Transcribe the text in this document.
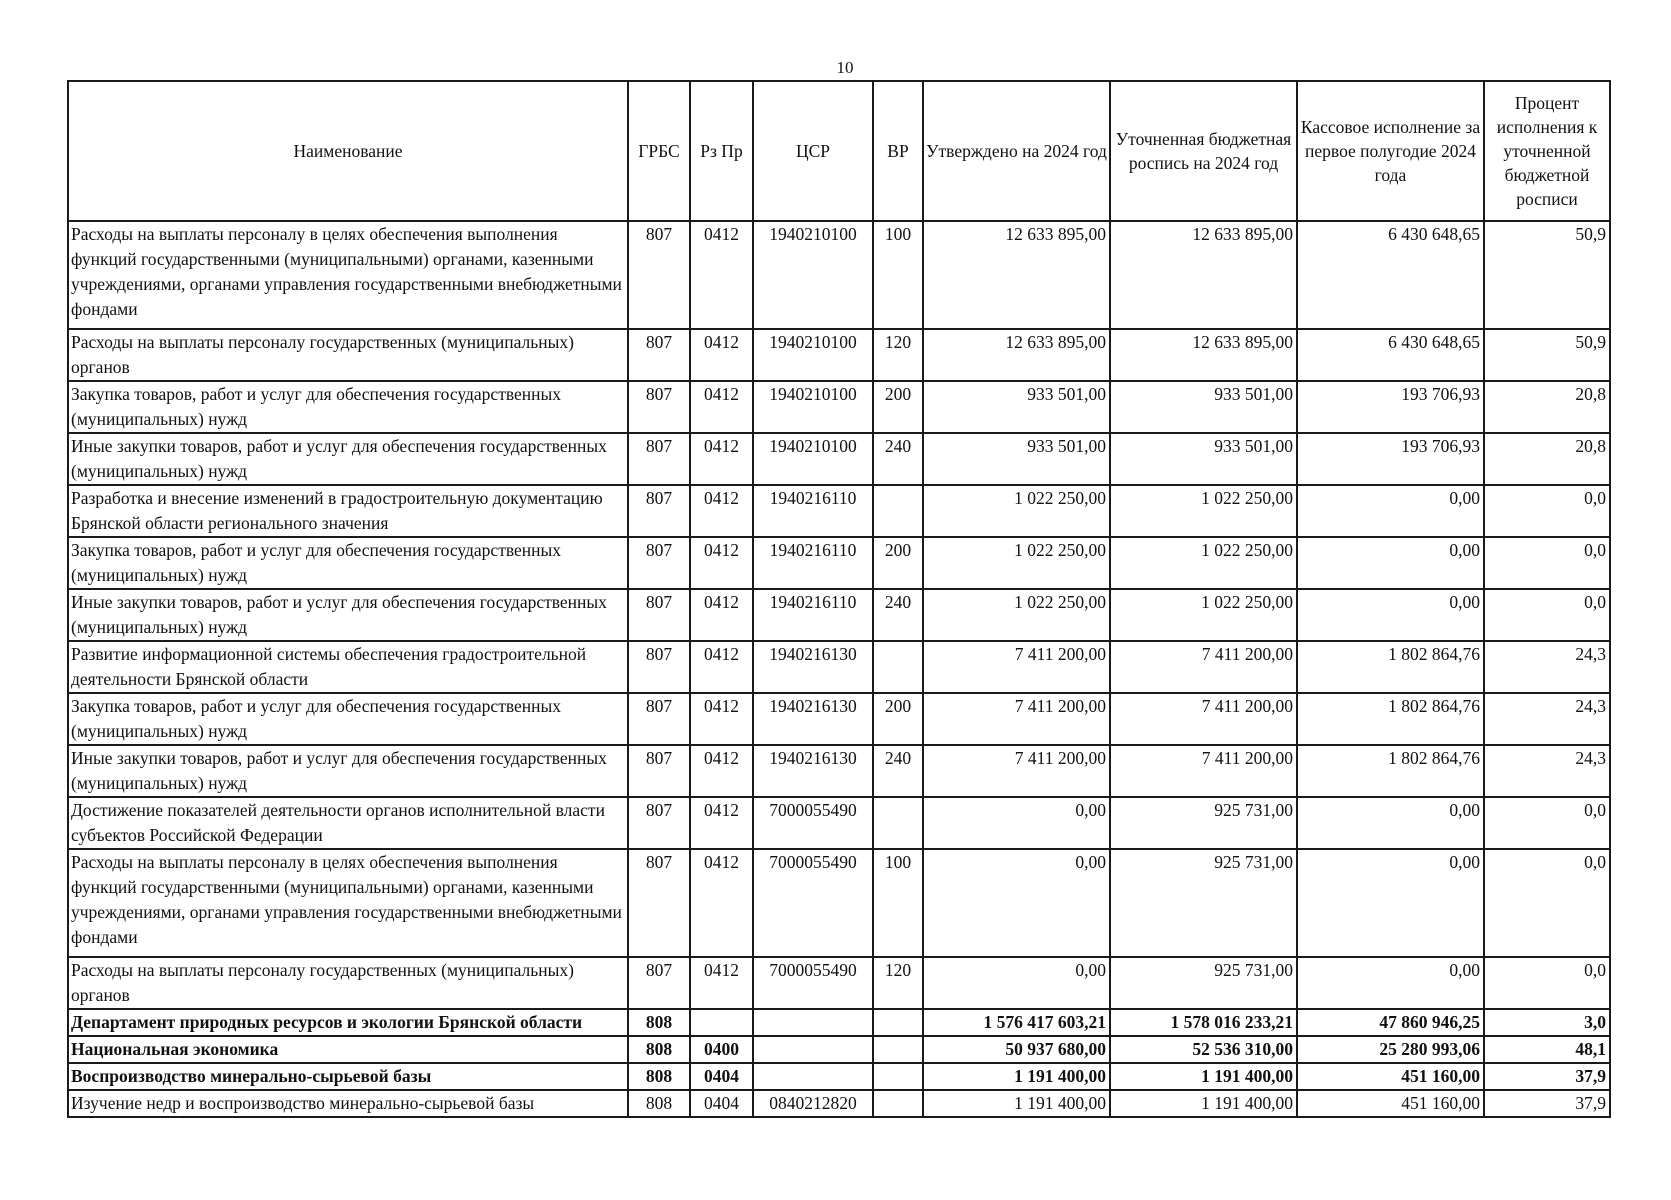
10
Наименование	ГРБС	Рз Пр	ЦСР	ВР	Утверждено на 2024 год	Уточненная бюджетная роспись на 2024 год	Кассовое исполнение за первое полугодие 2024 года	Процент исполнения к уточненной бюджетной росписи
Расходы на выплаты персоналу в целях обеспечения выполнения функций государственными (муниципальными) органами, казенными учреждениями, органами управления государственными внебюджетными фондами	807	0412	1940210100	100	12 633 895,00	12 633 895,00	6 430 648,65	50,9
Расходы на выплаты персоналу государственных (муниципальных) органов	807	0412	1940210100	120	12 633 895,00	12 633 895,00	6 430 648,65	50,9
Закупка товаров, работ и услуг для обеспечения государственных (муниципальных) нужд	807	0412	1940210100	200	933 501,00	933 501,00	193 706,93	20,8
Иные закупки товаров, работ и услуг для обеспечения государственных (муниципальных) нужд	807	0412	1940210100	240	933 501,00	933 501,00	193 706,93	20,8
Разработка и внесение изменений в градостроительную документацию Брянской области регионального значения	807	0412	1940216110		1 022 250,00	1 022 250,00	0,00	0,0
Закупка товаров, работ и услуг для обеспечения государственных (муниципальных) нужд	807	0412	1940216110	200	1 022 250,00	1 022 250,00	0,00	0,0
Иные закупки товаров, работ и услуг для обеспечения государственных (муниципальных) нужд	807	0412	1940216110	240	1 022 250,00	1 022 250,00	0,00	0,0
Развитие информационной системы обеспечения градостроительной деятельности Брянской области	807	0412	1940216130		7 411 200,00	7 411 200,00	1 802 864,76	24,3
Закупка товаров, работ и услуг для обеспечения государственных (муниципальных) нужд	807	0412	1940216130	200	7 411 200,00	7 411 200,00	1 802 864,76	24,3
Иные закупки товаров, работ и услуг для обеспечения государственных (муниципальных) нужд	807	0412	1940216130	240	7 411 200,00	7 411 200,00	1 802 864,76	24,3
Достижение показателей деятельности органов исполнительной власти субъектов Российской Федерации	807	0412	7000055490		0,00	925 731,00	0,00	0,0
Расходы на выплаты персоналу в целях обеспечения выполнения функций государственными (муниципальными) органами, казенными учреждениями, органами управления государственными внебюджетными фондами	807	0412	7000055490	100	0,00	925 731,00	0,00	0,0
Расходы на выплаты персоналу государственных (муниципальных) органов	807	0412	7000055490	120	0,00	925 731,00	0,00	0,0
Департамент природных ресурсов и экологии Брянской области	808				1 576 417 603,21	1 578 016 233,21	47 860 946,25	3,0
Национальная экономика	808	0400			50 937 680,00	52 536 310,00	25 280 993,06	48,1
Воспроизводство минерально-сырьевой базы	808	0404			1 191 400,00	1 191 400,00	451 160,00	37,9
Изучение недр и воспроизводство минерально-сырьевой базы	808	0404	0840212820		1 191 400,00	1 191 400,00	451 160,00	37,9
